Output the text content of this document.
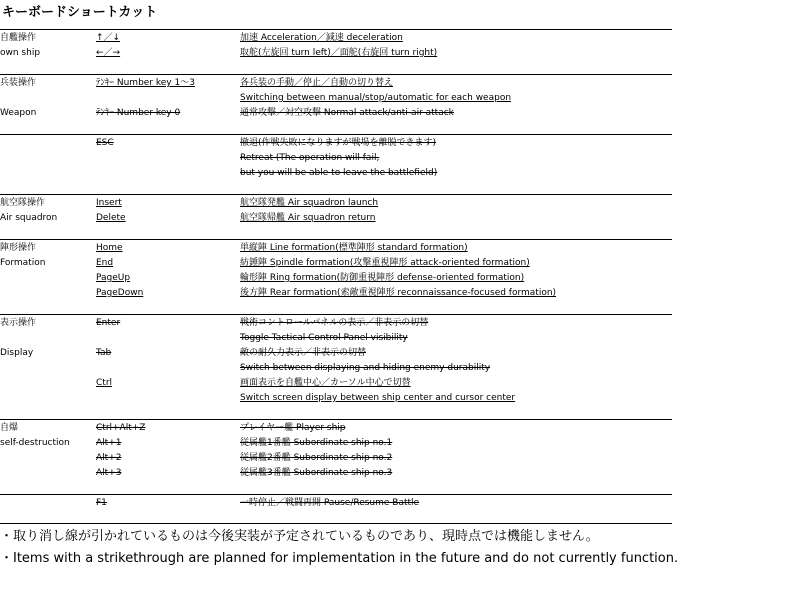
キーボードショートカット
自艦操作
own ship
↑／↓	加速 Acceleration／減速 deceleration
←／→	取舵(左旋回 turn left)／面舵(右旋回 turn right)
兵装操作
Weapon
ﾃﾝｷｰ Number key 1～3	各兵装の手動／停止／自動の切り替え
Switching between manual/stop/automatic for each weapon
ﾃﾝｷｰ Number key 0	通常攻撃／対空攻撃 Normal attack/anti-air attack
ESC	撤退(作戦失敗になりますが戦場を離脱できます)
Retreat (The operation will fail,
but you will be able to leave the battlefield)
航空隊操作
Air squadron
Insert	航空隊発艦 Air squadron launch
Delete	航空隊帰艦 Air squadron return
陣形操作
Formation
Home	単縦陣 Line formation(標準陣形 standard formation)
End	紡錘陣 Spindle formation(攻撃重視陣形 attack-oriented formation)
PageUp	輪形陣 Ring formation(防御重視陣形 defense-oriented formation)
PageDown	後方陣 Rear formation(索敵重視陣形 reconnaissance-focused formation)
表示操作
Display
Enter	戦術コントロールパネルの表示／非表示の切替
Toggle Tactical Control Panel visibility
Tab	敵の耐久力表示／非表示の切替
Switch between displaying and hiding enemy durability
Ctrl	画面表示を自艦中心／カーソル中心で切替
Switch screen display between ship center and cursor center
自爆
self-destruction
Ctrl+Alt+Z	プレイヤー艦 Player ship
Alt+1	従属艦1番艦 Subordinate ship no.1
Alt+2	従属艦2番艦 Subordinate ship no.2
Alt+3	従属艦3番艦 Subordinate ship no.3
F1	一時停止／戦闘再開 Pause/Resume Battle
・取り消し線が引かれているものは今後実装が予定されているものであり、現時点では機能しません。
・Items with a strikethrough are planned for implementation in the future and do not currently function.
